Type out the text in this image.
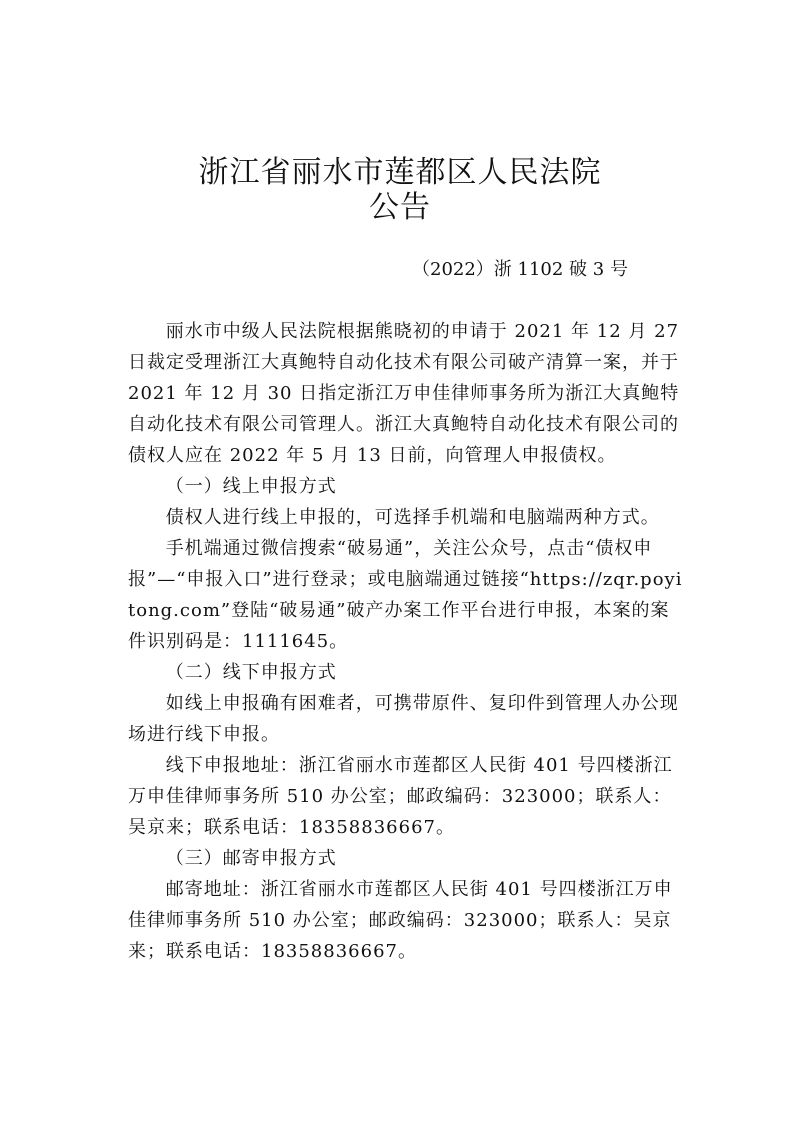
浙江省丽水市莲都区人民法院
公告
（2022）浙 1102 破 3 号

丽水市中级人民法院根据熊晓初的申请于 2021 年 12 月 27 日裁定受理浙江大真鲍特自动化技术有限公司破产清算一案，并于 2021 年 12 月 30 日指定浙江万申佳律师事务所为浙江大真鲍特自动化技术有限公司管理人。浙江大真鲍特自动化技术有限公司的债权人应在 2022 年 5 月 13 日前，向管理人申报债权。

（一）线上申报方式

债权人进行线上申报的，可选择手机端和电脑端两种方式。

手机端通过微信搜索“破易通”，关注公众号，点击“债权申报”—“申报入口”进行登录；或电脑端通过链接“https://zqr.poyitong.com”登陆“破易通”破产办案工作平台进行申报，本案的案件识别码是：1111645。

（二）线下申报方式

如线上申报确有困难者，可携带原件、复印件到管理人办公现场进行线下申报。

线下申报地址：浙江省丽水市莲都区人民街 401 号四楼浙江万申佳律师事务所 510 办公室；邮政编码：323000；联系人：吴京来；联系电话：18358836667。

（三）邮寄申报方式

邮寄地址：浙江省丽水市莲都区人民街 401 号四楼浙江万申佳律师事务所 510 办公室；邮政编码：323000；联系人：吴京来；联系电话：18358836667。
